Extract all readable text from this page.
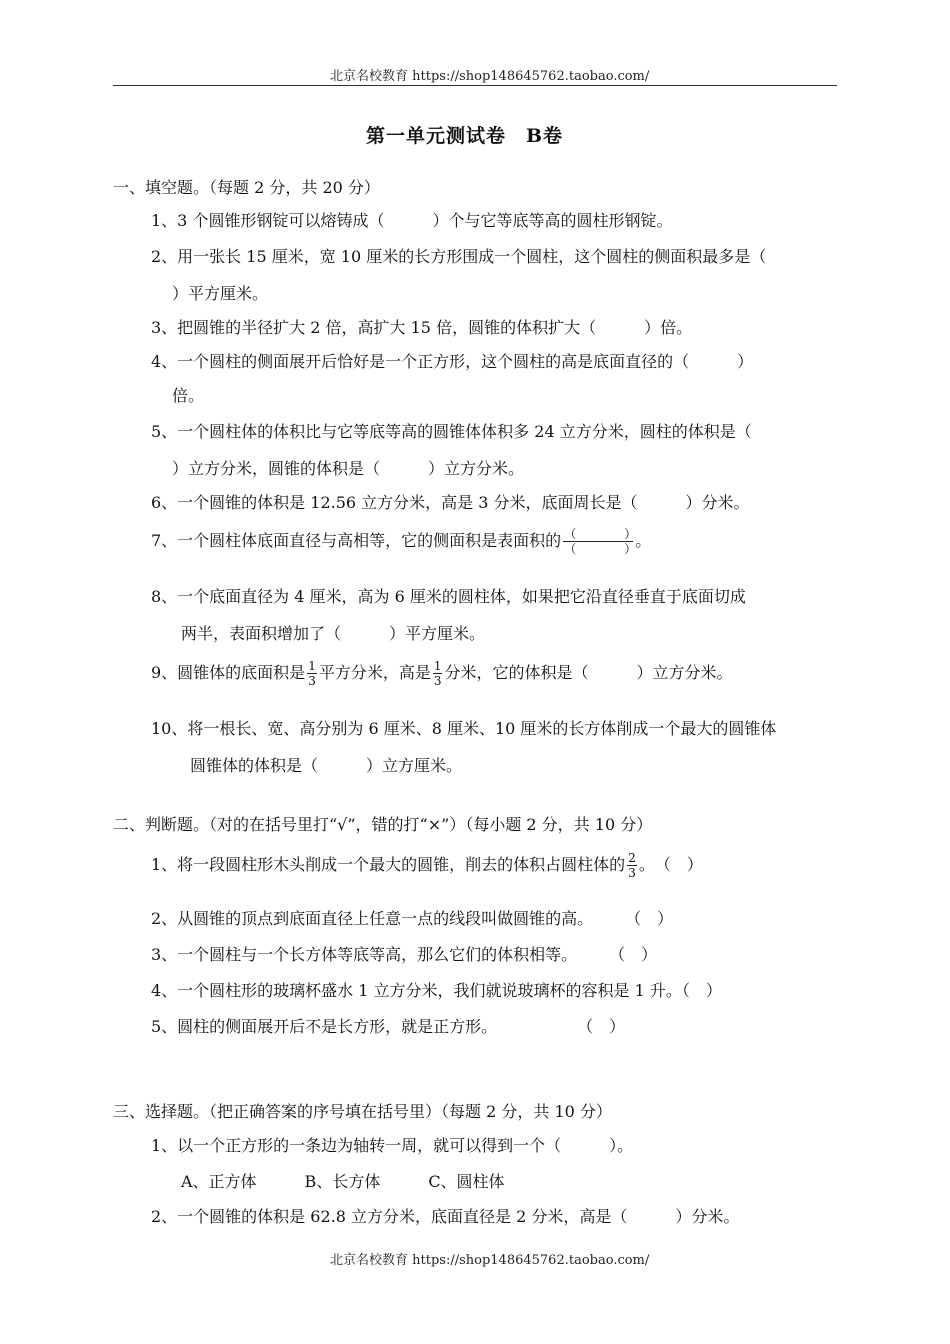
北京名校教育 https://shop148645762.taobao.com/
第一单元测试卷　B卷
一、填空题。（每题 2 分，共 20 分）
1、3 个圆锥形钢锭可以熔铸成（　　　）个与它等底等高的圆柱形钢锭。
2、用一张长 15 厘米，宽 10 厘米的长方形围成一个圆柱，这个圆柱的侧面积最多是（
）平方厘米。
3、把圆锥的半径扩大 2 倍，高扩大 15 倍，圆锥的体积扩大（　　　）倍。
4、一个圆柱的侧面展开后恰好是一个正方形，这个圆柱的高是底面直径的（　　　）
倍。
5、一个圆柱体的体积比与它等底等高的圆锥体体积多 24 立方分米，圆柱的体积是（
）立方分米，圆锥的体积是（　　　）立方分米。
6、一个圆锥的体积是 12.56 立方分米，高是 3 分米，底面周长是（　　　）分米。
7、一个圆柱体底面直径与高相等，它的侧面积是表面积的 $\frac{( )}{( )}$ 。
8、一个底面直径为 4 厘米，高为 6 厘米的圆柱体，如果把它沿直径垂直于底面切成
两半，表面积增加了（　　　）平方厘米。
9、圆锥体的底面积是 $\frac{1}{3}$ 平方分米，高是 $\frac{1}{3}$ 分米，它的体积是（　　　）立方分米。
10、将一根长、宽、高分别为 6 厘米、8 厘米、10 厘米的长方体削成一个最大的圆锥体
圆锥体的体积是（　　　）立方厘米。
二、判断题。（对的在括号里打“√”，错的打“×”）（每小题 2 分，共 10 分）
1、将一段圆柱形木头削成一个最大的圆锥，削去的体积占圆柱体的 $\frac{2}{3}$ 。　（　）
2、从圆锥的顶点到底面直径上任意一点的线段叫做圆锥的高。　　　（　）
3、一个圆柱与一个长方体等底等高，那么它们的体积相等。　　　（　）
4、一个圆柱形的玻璃杯盛水 1 立方分米，我们就说玻璃杯的容积是 1 升。（　）
5、圆柱的侧面展开后不是长方形，就是正方形。　　　　　　（　）
三、选择题。（把正确答案的序号填在括号里）（每题 2 分，共 10 分）
1、以一个正方形的一条边为轴转一周，就可以得到一个（　　　）。
A、正方体　　　B、长方体　　　C、圆柱体
2、一个圆锥的体积是 62.8 立方分米，底面直径是 2 分米，高是（　　　）分米。
北京名校教育 https://shop148645762.taobao.com/
